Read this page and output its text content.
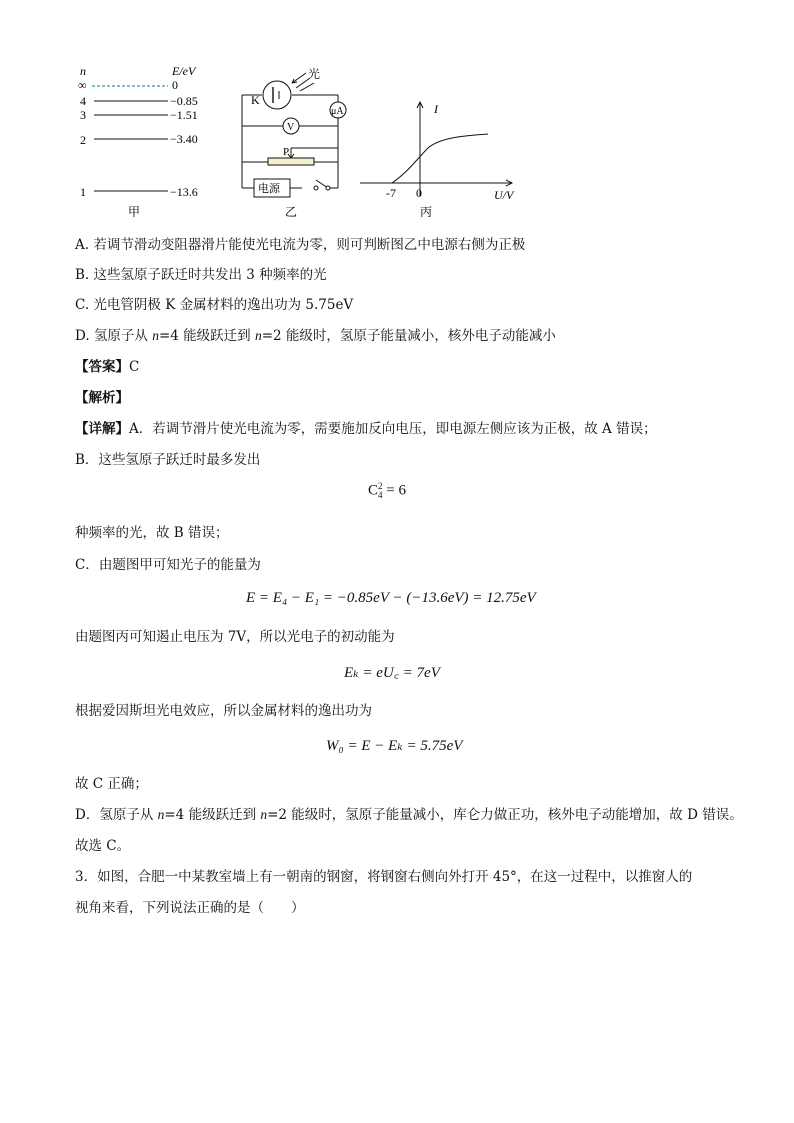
n	E/eV
∞	0
4	−0.85
3	−1.51
2	−3.40
1	−13.6
甲
K
光
μA
V
P
电源
乙
I
U/V
-7 0
丙
A. 若调节滑动变阻器滑片能使光电流为零，则可判断图乙中电源右侧为正极
B. 这些氢原子跃迁时共发出 3 种频率的光
C. 光电管阴极 K 金属材料的逸出功为 5.75eV
D. 氢原子从 n=4 能级跃迁到 n=2 能级时，氢原子能量减小，核外电子动能减小
【答案】C
【解析】
【详解】A．若调节滑片使光电流为零，需要施加反向电压，即电源左侧应该为正极，故 A 错误；
B．这些氢原子跃迁时最多发出
C 2
4 = 6
种频率的光，故 B 错误；
C．由题图甲可知光子的能量为
E = E₄ − E₁ = −0.85eV − (−13.6eV) = 12.75eV
由题图丙可知遏止电压为 7V，所以光电子的初动能为
Eₖ = eU꜀ = 7eV
根据爱因斯坦光电效应，所以金属材料的逸出功为
W₀ = E − Eₖ = 5.75eV
故 C 正确；
D．氢原子从 n=4 能级跃迁到 n=2 能级时，氢原子能量减小，库仑力做正功，核外电子动能增加，故 D 错误。
故选 C。
3．如图，合肥一中某教室墙上有一朝南的钢窗，将钢窗右侧向外打开 45°，在这一过程中，以推窗人的
视角来看，下列说法正确的是（　　）
